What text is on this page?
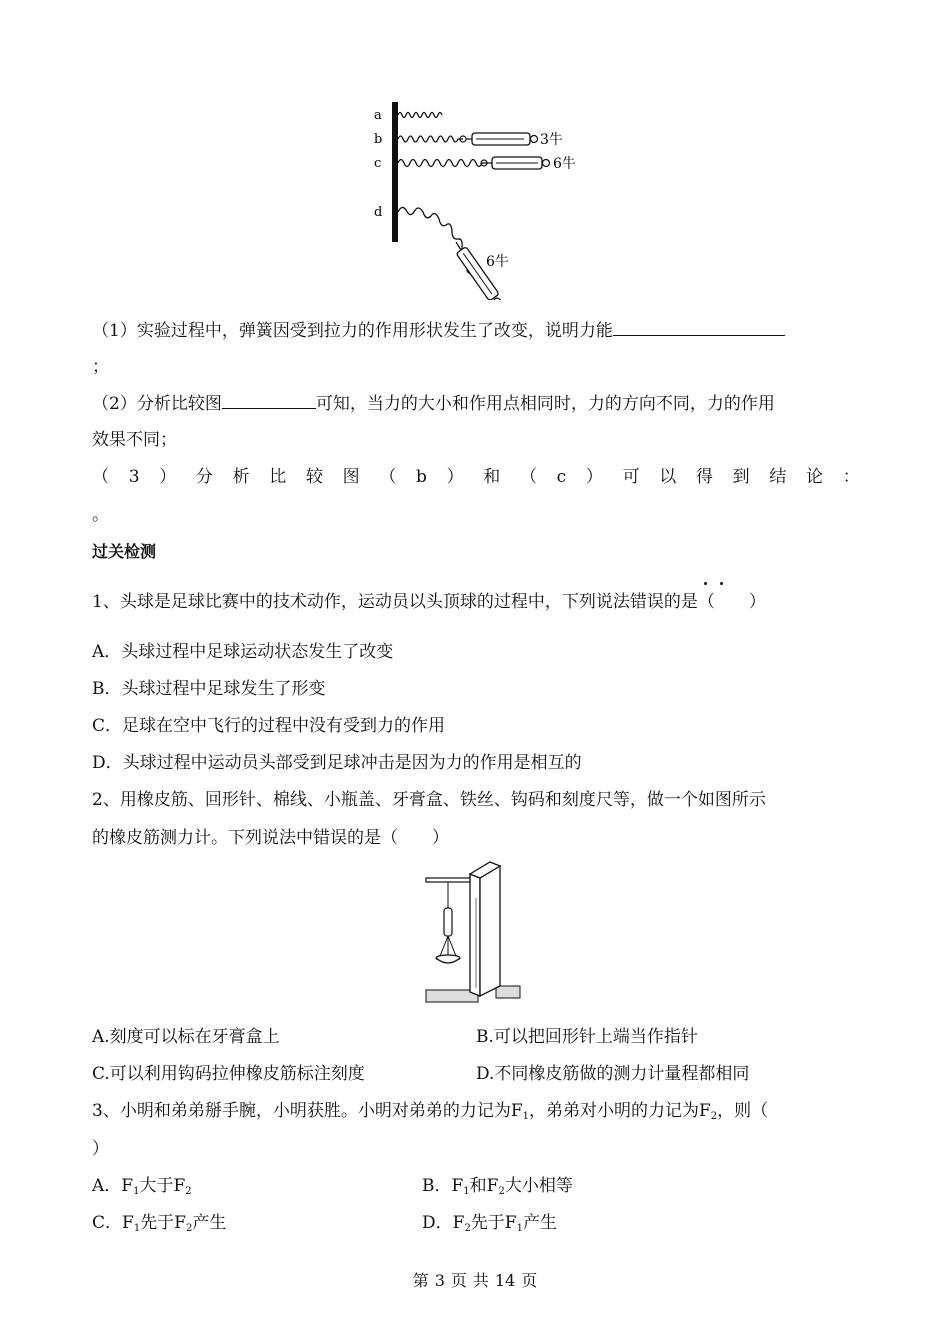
a
b
c
d
3牛
6牛
6牛
（1）实验过程中，弹簧因受到拉力的作用形状发生了改变，说明力能
；
（2）分析比较图	可知，当力的大小和作用点相同时，力的方向不同，力的作用
效果不同；
（ 3 ） 分 析 比 较 图 （ b ） 和 （ c ） 可 以 得 到 结 论 ：
。
过关检测
1、头球是足球比赛中的技术动作，运动员以头顶球的过程中，下列说法错误的是（　　）
A．头球过程中足球运动状态发生了改变
B．头球过程中足球发生了形变
C．足球在空中飞行的过程中没有受到力的作用
D．头球过程中运动员头部受到足球冲击是因为力的作用是相互的
2、用橡皮筋、回形针、棉线、小瓶盖、牙膏盒、铁丝、钩码和刻度尺等，做一个如图所示
的橡皮筋测力计。下列说法中错误的是（　　）
A.刻度可以标在牙膏盒上	B.可以把回形针上端当作指针
C.可以利用钩码拉伸橡皮筋标注刻度	D.不同橡皮筋做的测力计量程都相同
3、小明和弟弟掰手腕，小明获胜。小明对弟弟的力记为$F_1$，弟弟对小明的力记为$F_2$，则（
）
A．$F_1$大于$F_2$	B．$F_1$和$F_2$大小相等
C．$F_1$先于$F_2$产生	D．$F_2$先于$F_1$产生
第 3 页 共 14 页
